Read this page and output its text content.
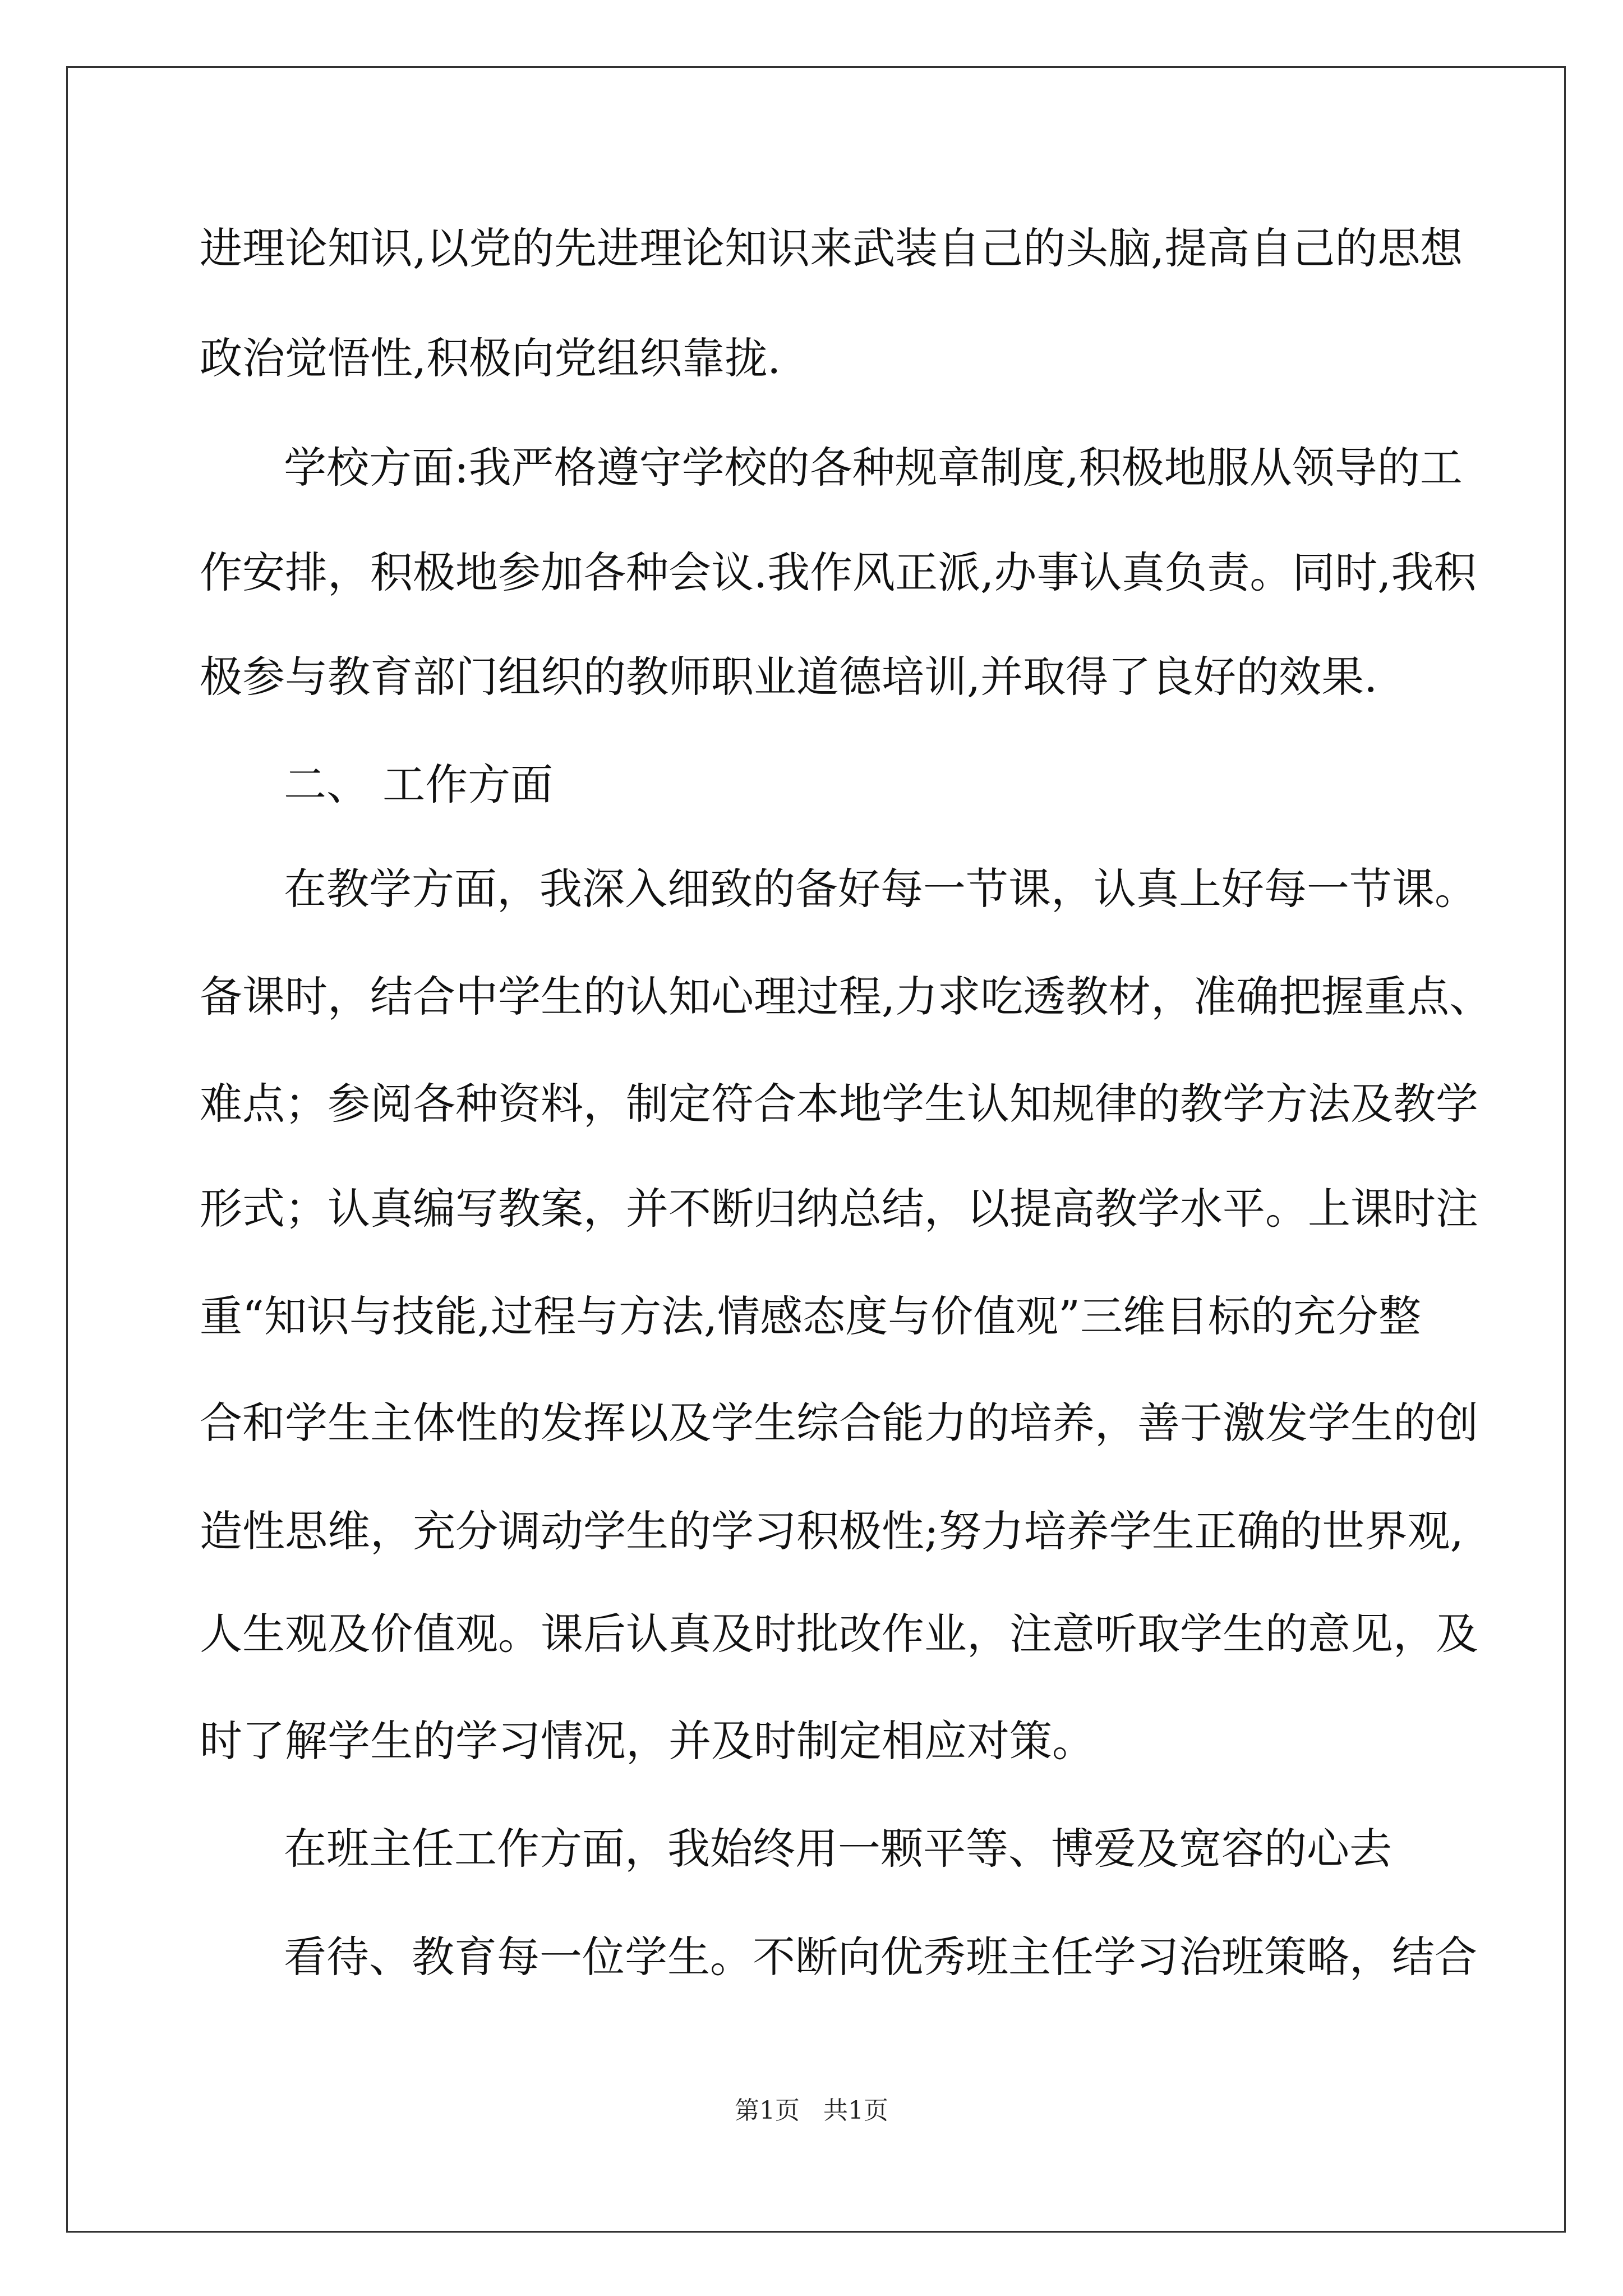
进理论知识,以党的先进理论知识来武装自己的头脑,提高自己的思想
政治觉悟性,积极向党组织靠拢.
学校方面:我严格遵守学校的各种规章制度,积极地服从领导的工
作安排，积极地参加各种会议.我作风正派,办事认真负责。同时,我积
极参与教育部门组织的教师职业道德培训,并取得了良好的效果.
二、 工作方面
在教学方面，我深入细致的备好每一节课，认真上好每一节课。
备课时，结合中学生的认知心理过程,力求吃透教材，准确把握重点、
难点；参阅各种资料，制定符合本地学生认知规律的教学方法及教学
形式；认真编写教案，并不断归纳总结，以提高教学水平。上课时注
重“知识与技能,过程与方法,情感态度与价值观”三维目标的充分整
合和学生主体性的发挥以及学生综合能力的培养，善于激发学生的创
造性思维，充分调动学生的学习积极性;努力培养学生正确的世界观,
人生观及价值观。课后认真及时批改作业，注意听取学生的意见，及
时了解学生的学习情况，并及时制定相应对策。
在班主任工作方面，我始终用一颗平等、博爱及宽容的心去
看待、教育每一位学生。不断向优秀班主任学习治班策略，结合
第1页   共1页
